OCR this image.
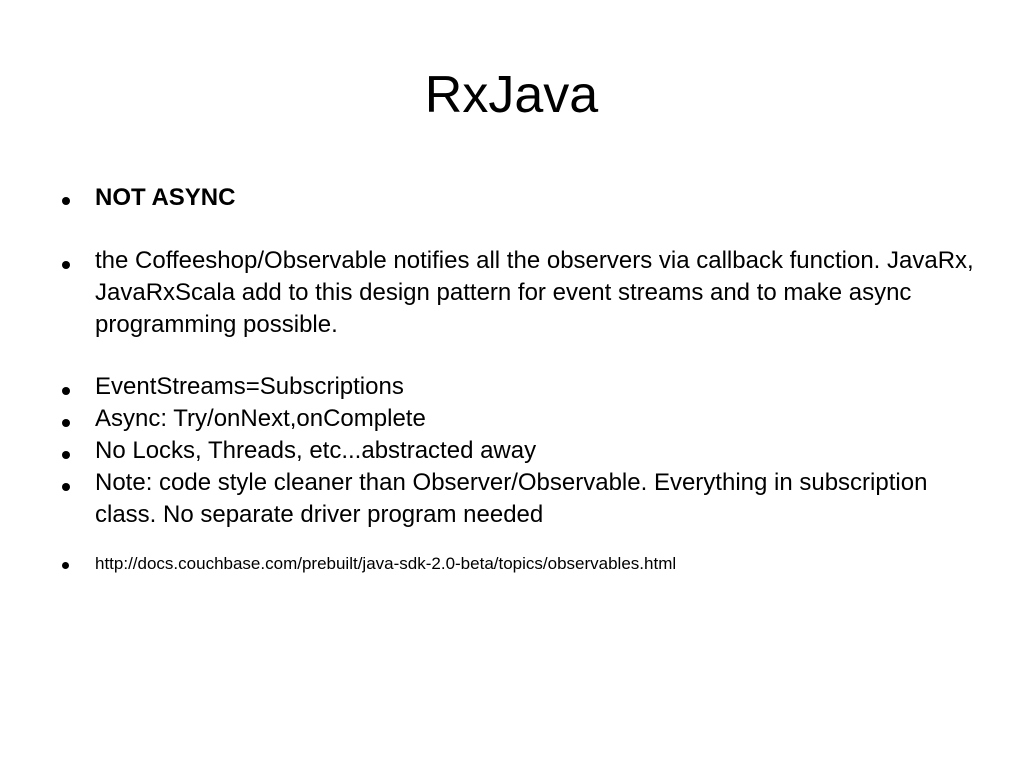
RxJava
NOT ASYNC
the Coffeeshop/Observable notifies all the observers via callback function. JavaRx, JavaRxScala add to this design pattern for event streams and to make async programming possible.
EventStreams=Subscriptions
Async: Try/onNext,onComplete
No Locks, Threads, etc...abstracted away
Note: code style cleaner than Observer/Observable. Everything in subscription class. No separate driver program needed
http://docs.couchbase.com/prebuilt/java-sdk-2.0-beta/topics/observables.html
